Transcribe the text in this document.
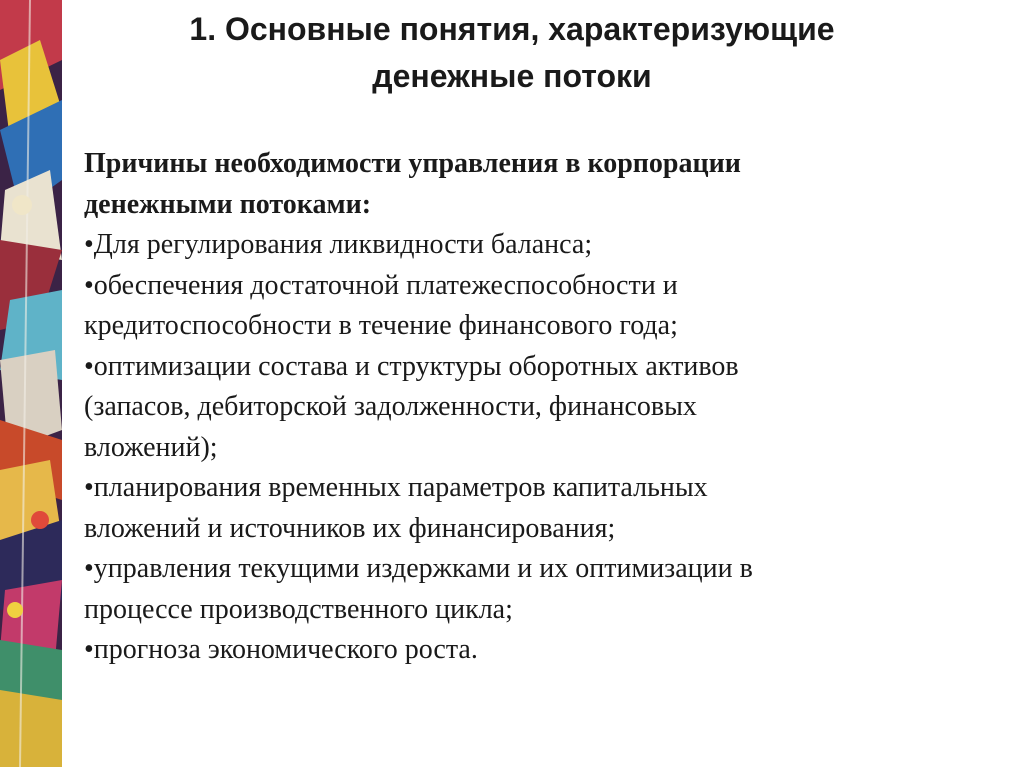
1. Основные понятия, характеризующие
денежные потоки

Причины необходимости управления в корпорации
денежными потоками:

•Для регулирования ликвидности баланса;
•обеспечения достаточной платежеспособности и
кредитоспособности в течение финансового года;
•оптимизации состава и структуры оборотных активов
(запасов, дебиторской задолженности, финансовых
вложений);
•планирования временных параметров капитальных
вложений и источников их финансирования;
•управления текущими издержками и их оптимизации в
процессе производственного цикла;
•прогноза экономического роста.
